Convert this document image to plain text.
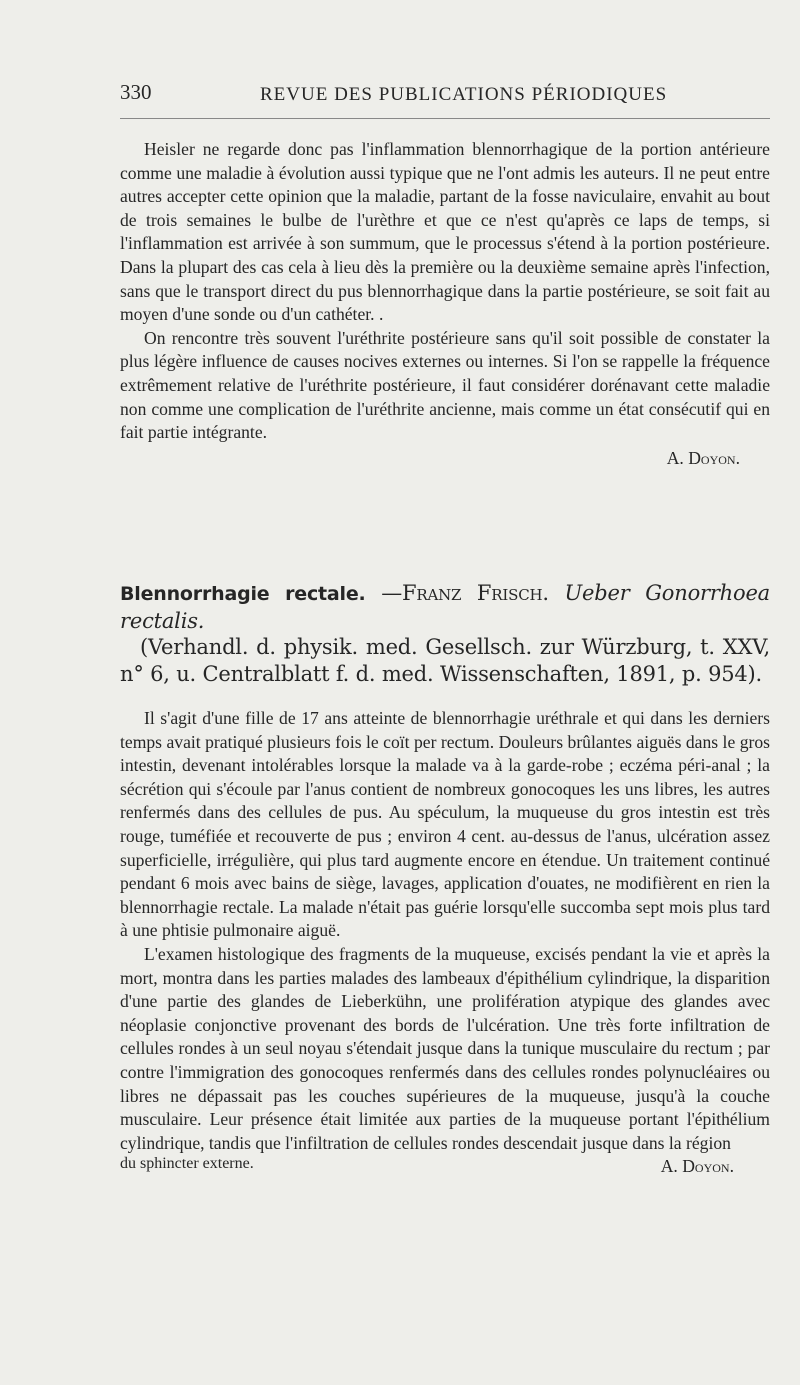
330	REVUE DES PUBLICATIONS PÉRIODIQUES

Heisler ne regarde donc pas l'inflammation blennorrhagique de la portion antérieure comme une maladie à évolution aussi typique que ne l'ont admis les auteurs. Il ne peut entre autres accepter cette opinion que la maladie, partant de la fosse naviculaire, envahit au bout de trois semaines le bulbe de l'urèthre et que ce n'est qu'après ce laps de temps, si l'inflammation est arrivée à son summum, que le processus s'étend à la portion postérieure. Dans la plupart des cas cela à lieu dès la première ou la deuxième semaine après l'infection, sans que le transport direct du pus blennorrhagique dans la partie postérieure, se soit fait au moyen d'une sonde ou d'un cathéter. .

On rencontre très souvent l'uréthrite postérieure sans qu'il soit possible de constater la plus légère influence de causes nocives externes ou internes. Si l'on se rappelle la fréquence extrêmement relative de l'uréthrite postérieure, il faut considérer dorénavant cette maladie non comme une complication de l'uréthrite ancienne, mais comme un état consécutif qui en fait partie intégrante.

A. Doyon.
Blennorrhagie rectale. —Franz Frisch. Ueber Gonorrhoea rectalis.
(Verhandl. d. physik. med. Gesellsch. zur Würzburg, t. XXV, n° 6, u. Centralblatt f. d. med. Wissenschaften, 1891, p. 954).

Il s'agit d'une fille de 17 ans atteinte de blennorrhagie uréthrale et qui dans les derniers temps avait pratiqué plusieurs fois le coït per rectum. Douleurs brûlantes aiguës dans le gros intestin, devenant intolérables lorsque la malade va à la garde-robe ; eczéma péri-anal ; la sécrétion qui s'écoule par l'anus contient de nombreux gonocoques les uns libres, les autres renfermés dans des cellules de pus. Au spéculum, la muqueuse du gros intestin est très rouge, tuméfiée et recouverte de pus ; environ 4 cent. au-dessus de l'anus, ulcération assez superficielle, irrégulière, qui plus tard augmente encore en étendue. Un traitement continué pendant 6 mois avec bains de siège, lavages, application d'ouates, ne modifièrent en rien la blennorrhagie rectale. La malade n'était pas guérie lorsqu'elle succomba sept mois plus tard à une phtisie pulmonaire aiguë.

L'examen histologique des fragments de la muqueuse, excisés pendant la vie et après la mort, montra dans les parties malades des lambeaux d'épithélium cylindrique, la disparition d'une partie des glandes de Lieberkühn, une prolifération atypique des glandes avec néoplasie conjonctive provenant des bords de l'ulcération. Une très forte infiltration de cellules rondes à un seul noyau s'étendait jusque dans la tunique musculaire du rectum ; par contre l'immigration des gonocoques renfermés dans des cellules rondes polynucléaires ou libres ne dépassait pas les couches supérieures de la muqueuse, jusqu'à la couche musculaire. Leur présence était limitée aux parties de la muqueuse portant l'épithélium cylindrique, tandis que l'infiltration de cellules rondes descendait jusque dans la région

du sphincter externe.	A. Doyon.
